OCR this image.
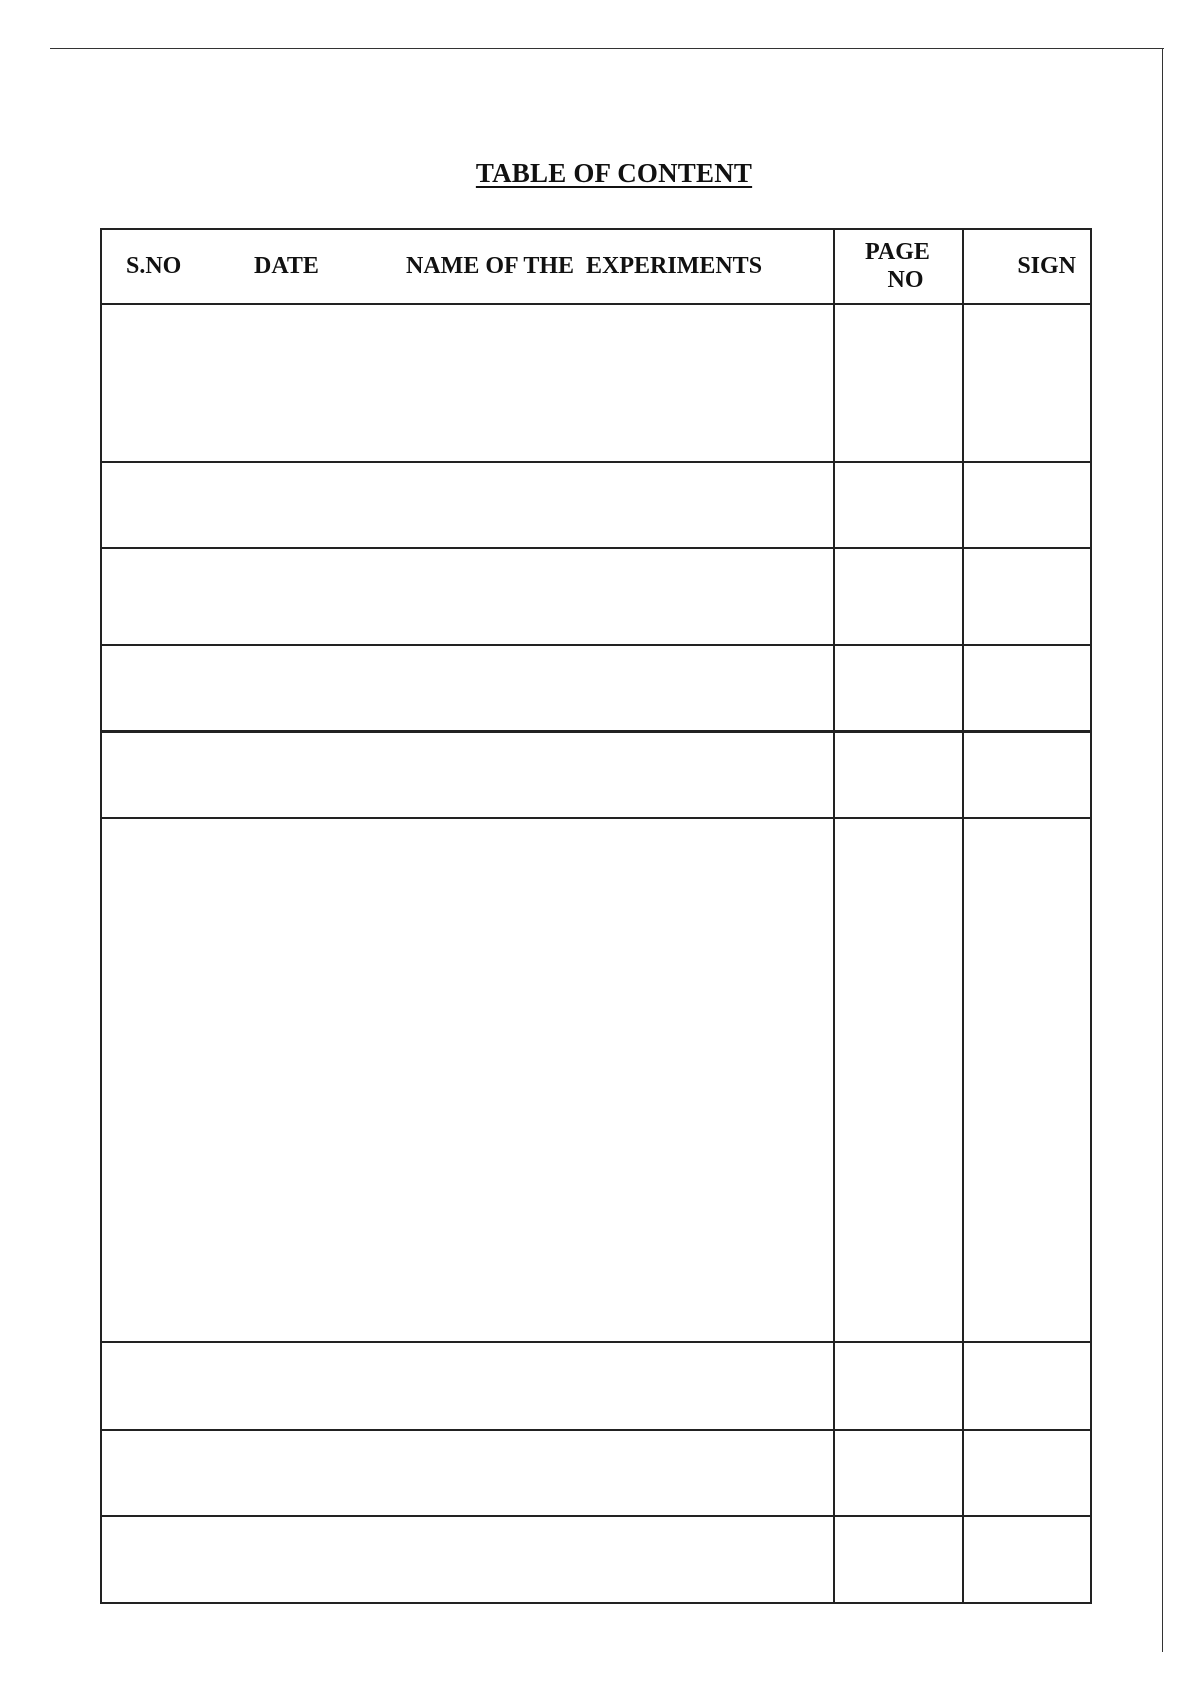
TABLE OF CONTENT
S.NO	DATE	NAME OF THE  EXPERIMENTS
PAGE
NO
SIGN
